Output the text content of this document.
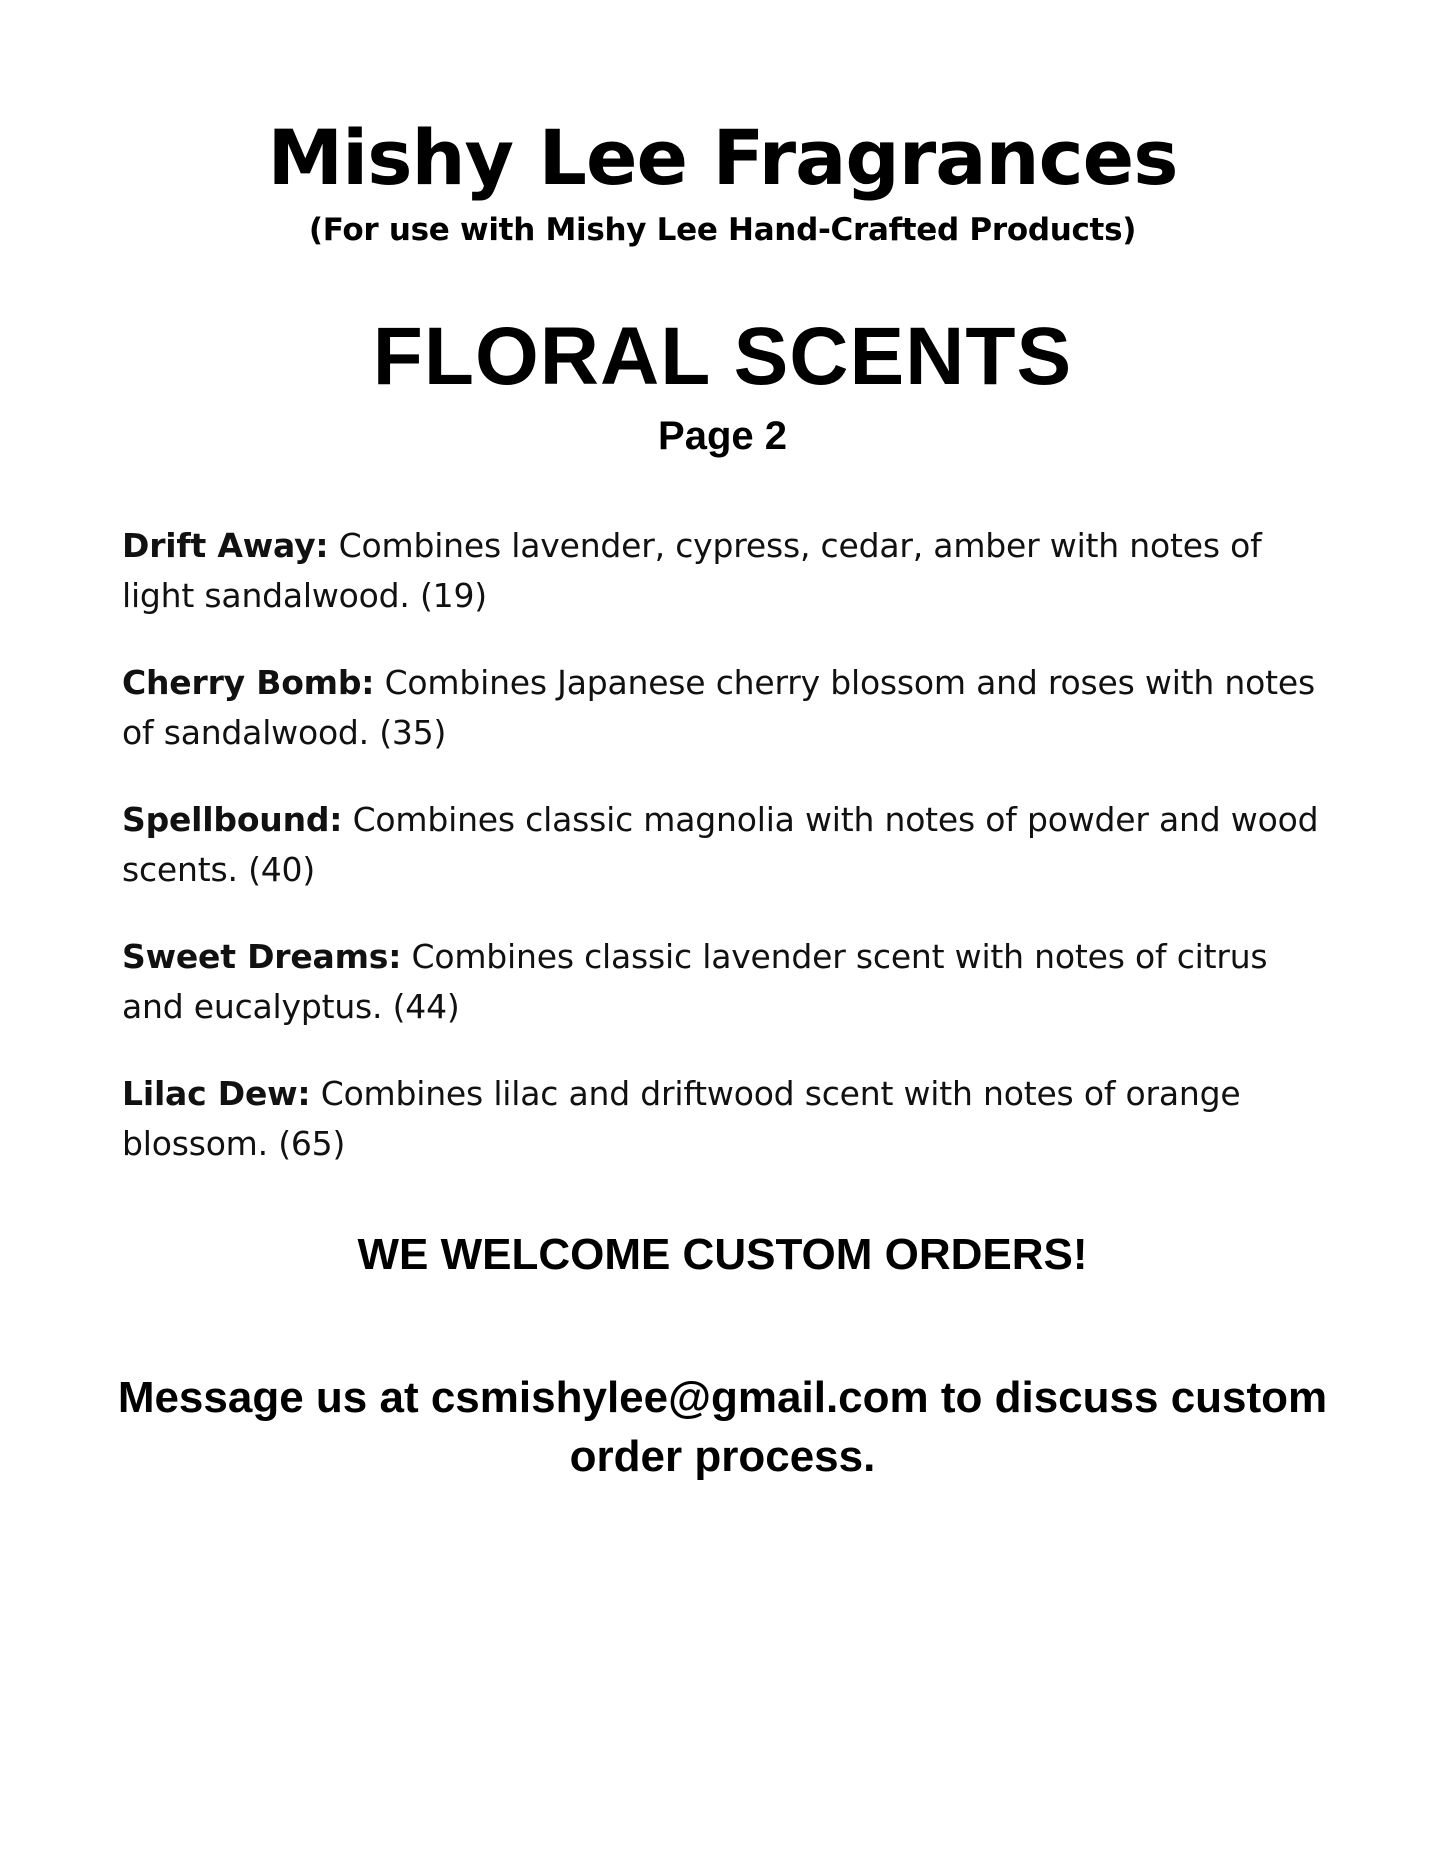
Mishy Lee Fragrances

(For use with Mishy Lee Hand-Crafted Products)

FLORAL SCENTS

Page 2

Drift Away: Combines lavender, cypress, cedar, amber with notes of light sandalwood. (19)
Cherry Bomb: Combines Japanese cherry blossom and roses with notes of sandalwood. (35)
Spellbound: Combines classic magnolia with notes of powder and wood scents. (40)
Sweet Dreams: Combines classic lavender scent with notes of citrus and eucalyptus. (44)
Lilac Dew: Combines lilac and driftwood scent with notes of orange blossom. (65)

WE WELCOME CUSTOM ORDERS!

Message us at csmishylee@gmail.com to discuss custom order process.
